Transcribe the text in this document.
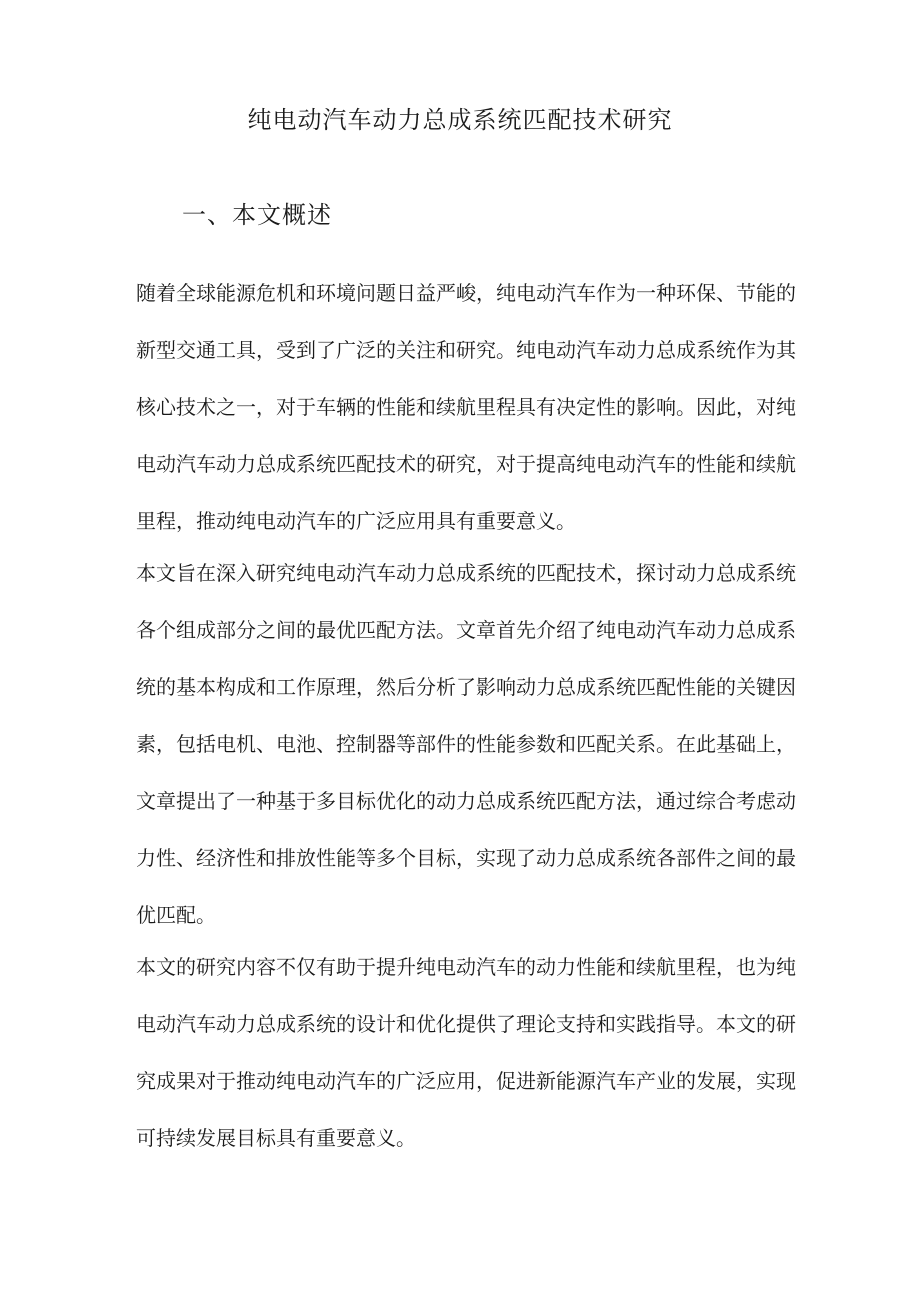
纯电动汽车动力总成系统匹配技术研究
一、本文概述
随着全球能源危机和环境问题日益严峻，纯电动汽车作为一种环保、节能的
新型交通工具，受到了广泛的关注和研究。纯电动汽车动力总成系统作为其
核心技术之一，对于车辆的性能和续航里程具有决定性的影响。因此，对纯
电动汽车动力总成系统匹配技术的研究，对于提高纯电动汽车的性能和续航
里程，推动纯电动汽车的广泛应用具有重要意义。
本文旨在深入研究纯电动汽车动力总成系统的匹配技术，探讨动力总成系统
各个组成部分之间的最优匹配方法。文章首先介绍了纯电动汽车动力总成系
统的基本构成和工作原理，然后分析了影响动力总成系统匹配性能的关键因
素，包括电机、电池、控制器等部件的性能参数和匹配关系。在此基础上，
文章提出了一种基于多目标优化的动力总成系统匹配方法，通过综合考虑动
力性、经济性和排放性能等多个目标，实现了动力总成系统各部件之间的最
优匹配。
本文的研究内容不仅有助于提升纯电动汽车的动力性能和续航里程，也为纯
电动汽车动力总成系统的设计和优化提供了理论支持和实践指导。本文的研
究成果对于推动纯电动汽车的广泛应用，促进新能源汽车产业的发展，实现
可持续发展目标具有重要意义。
